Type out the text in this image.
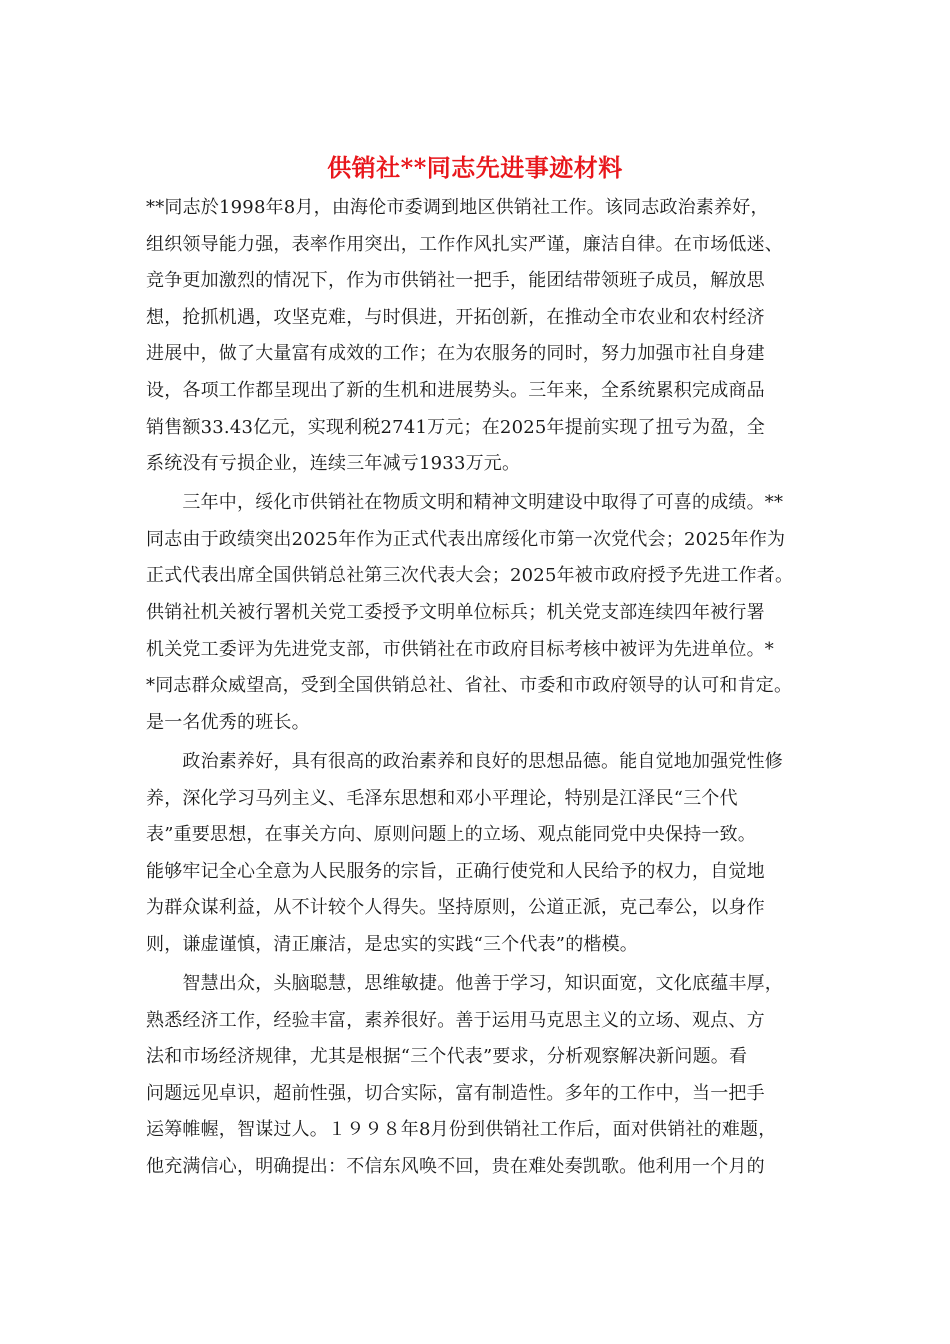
供销社**同志先进事迹材料
**同志於1998年8月，由海伦市委调到地区供销社工作。该同志政治素养好，
组织领导能力强，表率作用突出，工作作风扎实严谨，廉洁自律。在市场低迷、
竞争更加激烈的情况下，作为市供销社一把手，能团结带领班子成员，解放思
想，抢抓机遇，攻坚克难，与时俱进，开拓创新，在推动全市农业和农村经济
进展中，做了大量富有成效的工作；在为农服务的同时，努力加强市社自身建
设，各项工作都呈现出了新的生机和进展势头。三年来，全系统累积完成商品
销售额33.43亿元，实现利税2741万元；在2025年提前实现了扭亏为盈，全
系统没有亏损企业，连续三年减亏1933万元。
　　三年中，绥化市供销社在物质文明和精神文明建设中取得了可喜的成绩。**
同志由于政绩突出2025年作为正式代表出席绥化市第一次党代会；2025年作为
正式代表出席全国供销总社第三次代表大会；2025年被市政府授予先进工作者。
供销社机关被行署机关党工委授予文明单位标兵；机关党支部连续四年被行署
机关党工委评为先进党支部，市供销社在市政府目标考核中被评为先进单位。*
*同志群众威望高，受到全国供销总社、省社、市委和市政府领导的认可和肯定。
是一名优秀的班长。
　　政治素养好，具有很高的政治素养和良好的思想品德。能自觉地加强党性修
养，深化学习马列主义、毛泽东思想和邓小平理论，特别是江泽民“三个代
表”重要思想，在事关方向、原则问题上的立场、观点能同党中央保持一致。
能够牢记全心全意为人民服务的宗旨，正确行使党和人民给予的权力，自觉地
为群众谋利益，从不计较个人得失。坚持原则，公道正派，克己奉公，以身作
则，谦虚谨慎，清正廉洁，是忠实的实践“三个代表”的楷模。
　　智慧出众，头脑聪慧，思维敏捷。他善于学习，知识面宽，文化底蕴丰厚，
熟悉经济工作，经验丰富，素养很好。善于运用马克思主义的立场、观点、方
法和市场经济规律，尤其是根据“三个代表”要求，分析观察解决新问题。看
问题远见卓识，超前性强，切合实际，富有制造性。多年的工作中，当一把手
运筹帷幄，智谋过人。１９９８年8月份到供销社工作后，面对供销社的难题，
他充满信心，明确提出：不信东风唤不回，贵在难处奏凯歌。他利用一个月的
